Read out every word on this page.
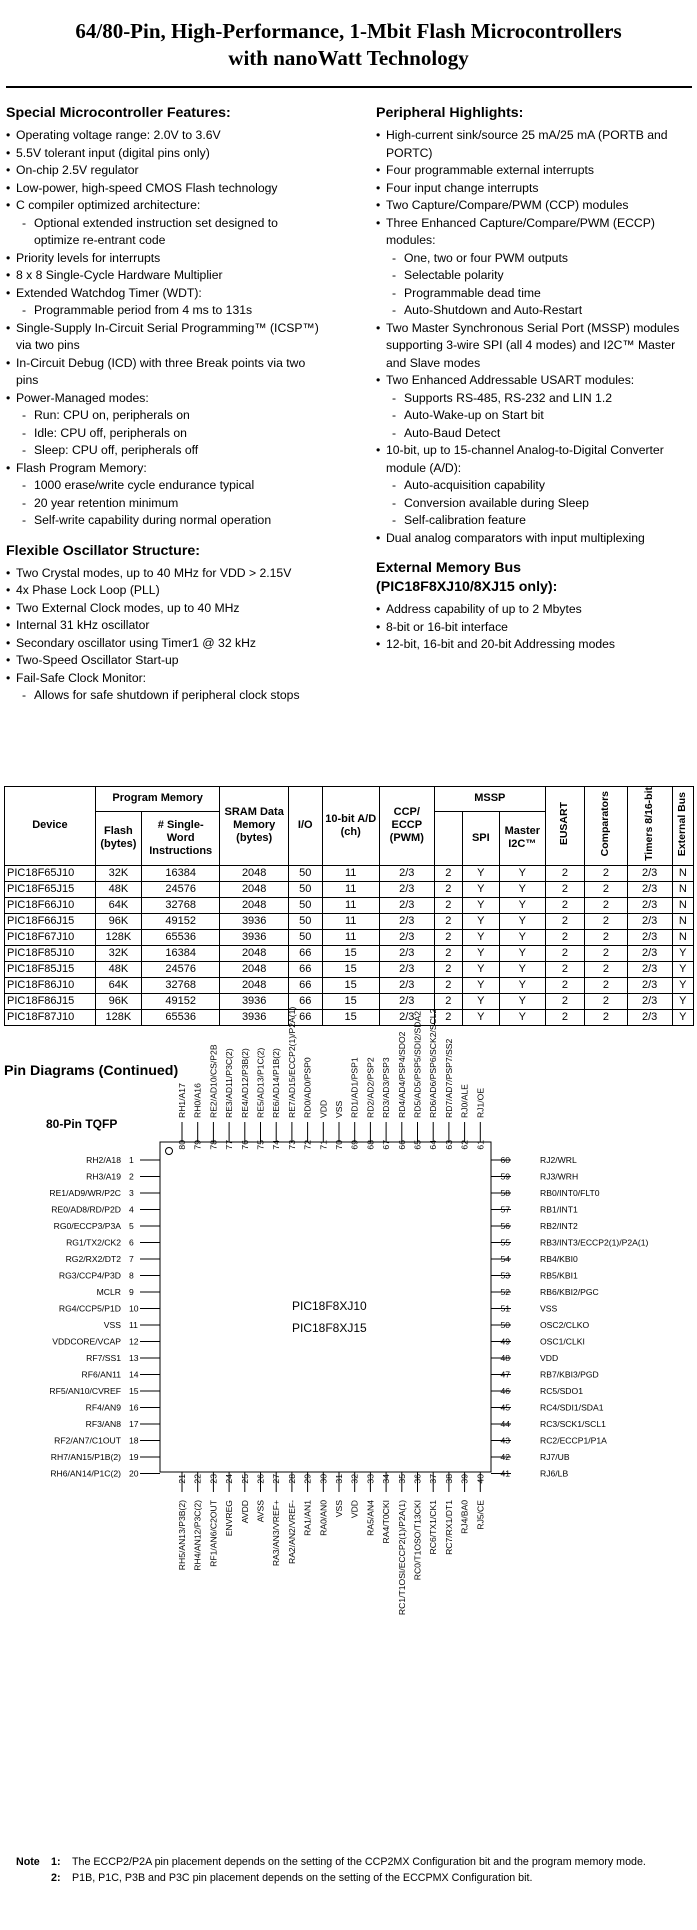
64/80-Pin, High-Performance, 1-Mbit Flash Microcontrollers
with nanoWatt Technology
Special Microcontroller Features:
• Operating voltage range: 2.0V to 3.6V
• 5.5V tolerant input (digital pins only)
• On-chip 2.5V regulator
• Low-power, high-speed CMOS Flash technology
• C compiler optimized architecture:
- Optional extended instruction set designed to optimize re-entrant code
• Priority levels for interrupts
• 8 x 8 Single-Cycle Hardware Multiplier
• Extended Watchdog Timer (WDT):
- Programmable period from 4 ms to 131s
• Single-Supply In-Circuit Serial Programming™ (ICSP™) via two pins
• In-Circuit Debug (ICD) with three Break points via two pins
• Power-Managed modes:
- Run: CPU on, peripherals on
- Idle: CPU off, peripherals on
- Sleep: CPU off, peripherals off
• Flash Program Memory:
- 1000 erase/write cycle endurance typical
- 20 year retention minimum
- Self-write capability during normal operation
Flexible Oscillator Structure:
• Two Crystal modes, up to 40 MHz for VDD > 2.15V
• 4x Phase Lock Loop (PLL)
• Two External Clock modes, up to 40 MHz
• Internal 31 kHz oscillator
• Secondary oscillator using Timer1 @ 32 kHz
• Two-Speed Oscillator Start-up
• Fail-Safe Clock Monitor:
- Allows for safe shutdown if peripheral clock stops
Peripheral Highlights:
• High-current sink/source 25 mA/25 mA (PORTB and PORTC)
• Four programmable external interrupts
• Four input change interrupts
• Two Capture/Compare/PWM (CCP) modules
• Three Enhanced Capture/Compare/PWM (ECCP) modules:
- One, two or four PWM outputs
- Selectable polarity
- Programmable dead time
- Auto-Shutdown and Auto-Restart
• Two Master Synchronous Serial Port (MSSP) modules supporting 3-wire SPI (all 4 modes) and I2C™ Master and Slave modes
• Two Enhanced Addressable USART modules:
- Supports RS-485, RS-232 and LIN 1.2
- Auto-Wake-up on Start bit
- Auto-Baud Detect
• 10-bit, up to 15-channel Analog-to-Digital Converter module (A/D):
- Auto-acquisition capability
- Conversion available during Sleep
- Self-calibration feature
• Dual analog comparators with input multiplexing
External Memory Bus
(PIC18F8XJ10/8XJ15 only):
• Address capability of up to 2 Mbytes
• 8-bit or 16-bit interface
• 12-bit, 16-bit and 20-bit Addressing modes
Device	Program Memory		SRAM Data Memory (bytes)	I/O	10-bit A/D (ch)	CCP/ ECCP (PWM)	MSSP			EUSART	Comparators	Timers 8/16-bit	External Bus
	Flash (bytes)	# Single-Word Instructions						SPI	Master I2C™				
PIC18F65J10	32K	16384	2048	50	11	2/3	2	Y	Y	2	2	2/3	N
PIC18F65J15	48K	24576	2048	50	11	2/3	2	Y	Y	2	2	2/3	N
PIC18F66J10	64K	32768	2048	50	11	2/3	2	Y	Y	2	2	2/3	N
PIC18F66J15	96K	49152	3936	50	11	2/3	2	Y	Y	2	2	2/3	N
PIC18F67J10	128K	65536	3936	50	11	2/3	2	Y	Y	2	2	2/3	N
PIC18F85J10	32K	16384	2048	66	15	2/3	2	Y	Y	2	2	2/3	Y
PIC18F85J15	48K	24576	2048	66	15	2/3	2	Y	Y	2	2	2/3	Y
PIC18F86J10	64K	32768	2048	66	15	2/3	2	Y	Y	2	2	2/3	Y
PIC18F86J15	96K	49152	3936	66	15	2/3	2	Y	Y	2	2	2/3	Y
PIC18F87J10	128K	65536	3936	66	15	2/3	2	Y	Y	2	2	2/3	Y
Pin Diagrams (Continued)
80-Pin TQFP
PIC18F8XJ10
PIC18F8XJ15
1
RH2/A18
2
RH3/A19
3
RE1/AD9/WR/P2C
4
RE0/AD8/RD/P2D
5
RG0/ECCP3/P3A
6
RG1/TX2/CK2
7
RG2/RX2/DT2
8
RG3/CCP4/P3D
9
MCLR
10
RG4/CCP5/P1D
11
VSS
12
VDDCORE/VCAP
13
RF7/SS1
14
RF6/AN11
15
RF5/AN10/CVREF
16
RF4/AN9
17
RF3/AN8
18
RF2/AN7/C1OUT
19
RH7/AN15/P1B(2)
20
RH6/AN14/P1C(2)
60	RJ2/WRL
59	RJ3/WRH
58	RB0/INT0/FLT0
57	RB1/INT1
56	RB2/INT2
55	RB3/INT3/ECCP2(1)/P2A(1)
54	RB4/KBI0
53	RB5/KBI1
52	RB6/KBI2/PGC
51	VSS
50	OSC2/CLKO
49	OSC1/CLKI
48	VDD
47	RB7/KBI3/PGD
46	RC5/SDO1
45	RC4/SDI1/SDA1
44	RC3/SCK1/SCL1
43	RC2/ECCP1/P1A
42	RJ7/UB
41	RJ6/LB
80
RH1/A17
79
RH0/A16
78
RE2/AD10/CS/P2B
77
RE3/AD11/P3C(2)
76
RE4/AD12/P3B(2)
75
RE5/AD13/P1C(2)
74
RE6/AD14/P1B(2)
73
RE7/AD15/ECCP2(1)/P2A(1)
72
RD0/AD0/PSP0
71
VDD
70
VSS
69
RD1/AD1/PSP1
68
RD2/AD2/PSP2
67
RD3/AD3/PSP3
66
RD4/AD4/PSP4/SDO2
65
RD5/AD5/PSP5/SDI2/SDA2
64
RD6/AD6/PSP6/SCK2/SCL2
63
RD7/AD7/PSP7/SS2
62
RJ0/ALE
61
RJ1/OE
21
RH5/AN13/P3B(2)
22
RH4/AN12/P3C(2)
23
RF1/AN6/C2OUT
24
ENVREG
25
AVDD
26
AVSS
27
RA3/AN3/VREF+
28
RA2/AN2/VREF-
29
RA1/AN1
30
RA0/AN0
31
VSS
32
VDD
33
RA5/AN4
34
RA4/T0CKI
35
RC1/T1OSI/ECCP2(1)/P2A(1)
36
RC0/T1OSO/T13CKI
37
RC6/TX1/CK1
38
RC7/RX1/DT1
39
RJ4/BA0
40
RJ5/CE
Note 1: The ECCP2/P2A pin placement depends on the setting of the CCP2MX Configuration bit and the program memory mode.
2: P1B, P1C, P3B and P3C pin placement depends on the setting of the ECCPMX Configuration bit.
